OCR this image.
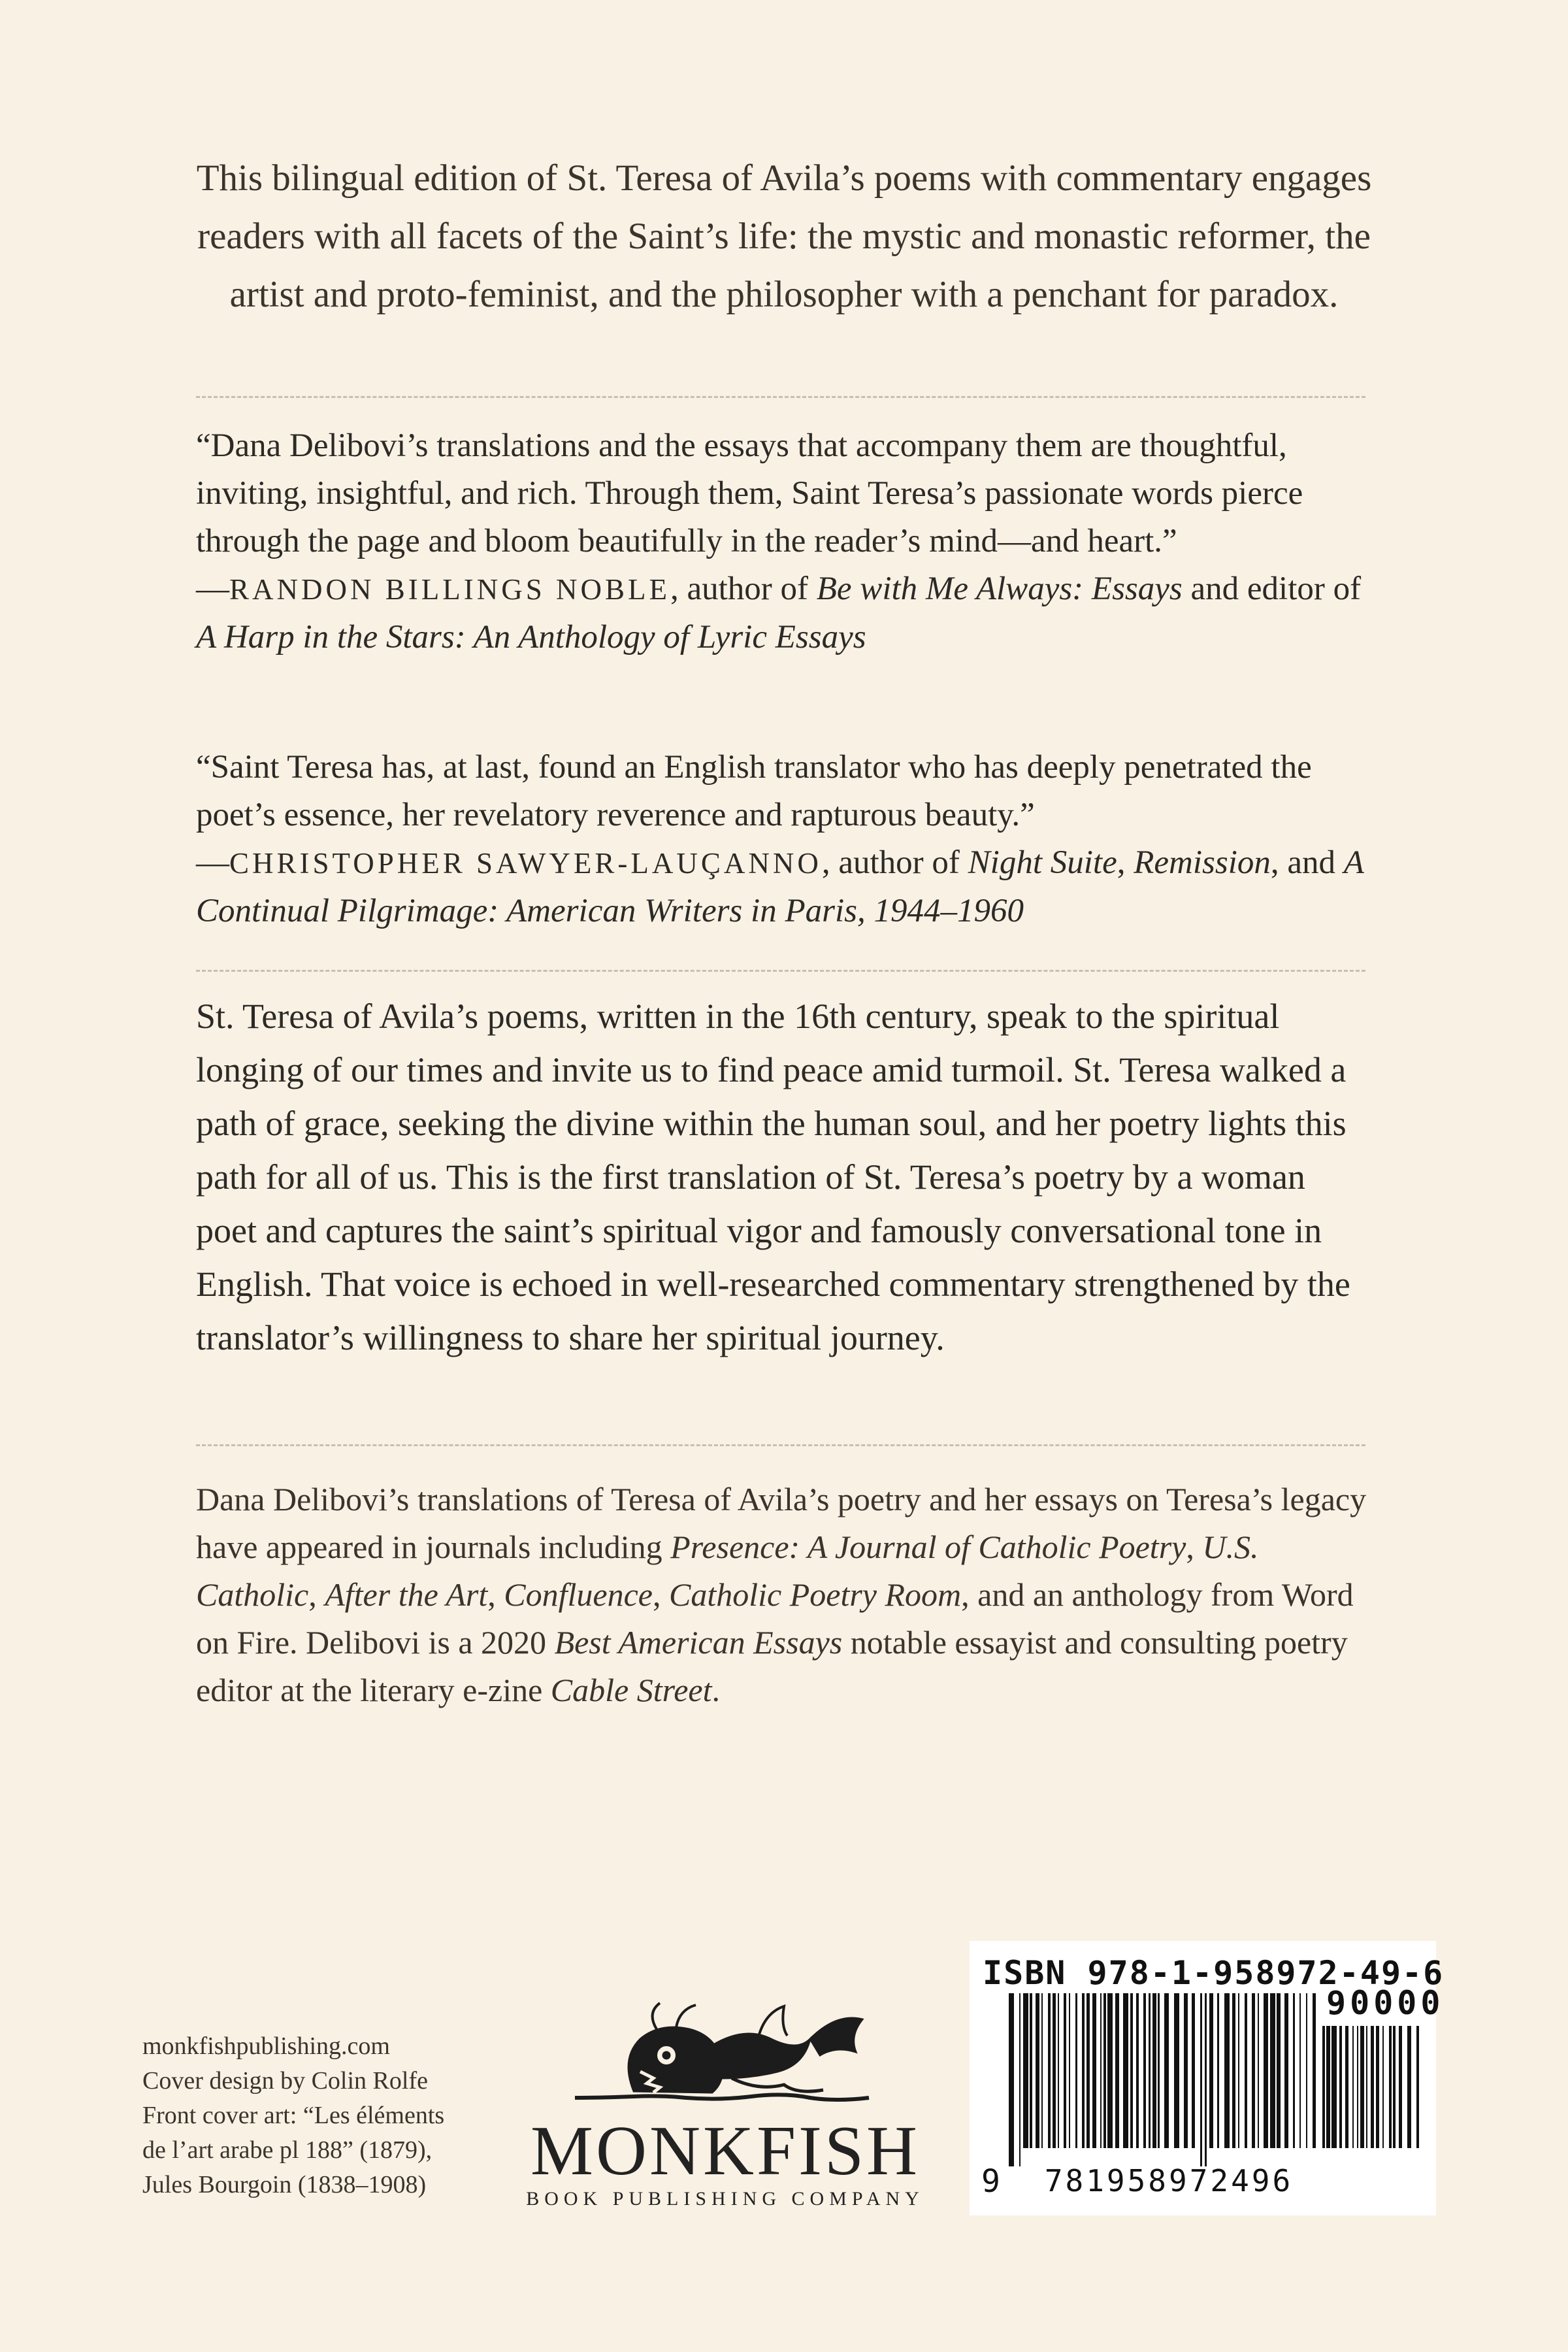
This bilingual edition of St. Teresa of Avila’s poems with commentary engages readers with all facets of the Saint’s life: the mystic and monastic reformer, the artist and proto-feminist, and the philosopher with a penchant for paradox.

“Dana Delibovi’s translations and the essays that accompany them are thoughtful, inviting, insightful, and rich. Through them, Saint Teresa’s passionate words pierce through the page and bloom beautifully in the reader’s mind—and heart.”
—RANDON BILLINGS NOBLE, author of Be with Me Always: Essays and editor of A Harp in the Stars: An Anthology of Lyric Essays

“Saint Teresa has, at last, found an English translator who has deeply penetrated the poet’s essence, her revelatory reverence and rapturous beauty.”
—CHRISTOPHER SAWYER-LAUÇANNO, author of Night Suite, Remission, and A Continual Pilgrimage: American Writers in Paris, 1944–1960

St. Teresa of Avila’s poems, written in the 16th century, speak to the spiritual longing of our times and invite us to find peace amid turmoil. St. Teresa walked a path of grace, seeking the divine within the human soul, and her poetry lights this path for all of us. This is the first translation of St. Teresa’s poetry by a woman poet and captures the saint’s spiritual vigor and famously conversational tone in English. That voice is echoed in well-researched commentary strengthened by the translator’s willingness to share her spiritual journey.
Dana Delibovi’s translations of Teresa of Avila’s poetry and her essays on Teresa’s legacy have appeared in journals including Presence: A Journal of Catholic Poetry, U.S. Catholic, After the Art, Confluence, Catholic Poetry Room, and an anthology from Word on Fire. Delibovi is a 2020 Best American Essays notable essayist and consulting poetry editor at the literary e-zine Cable Street.
monkfishpublishing.com
Cover design by Colin Rolfe
Front cover art: “Les éléments
de l’art arabe pl 188” (1879),
Jules Bourgoin (1838–1908)	MONKFISH
BOOK PUBLISHING COMPANY
ISBN 978-1-958972-49-6
90000
9	781958972496
